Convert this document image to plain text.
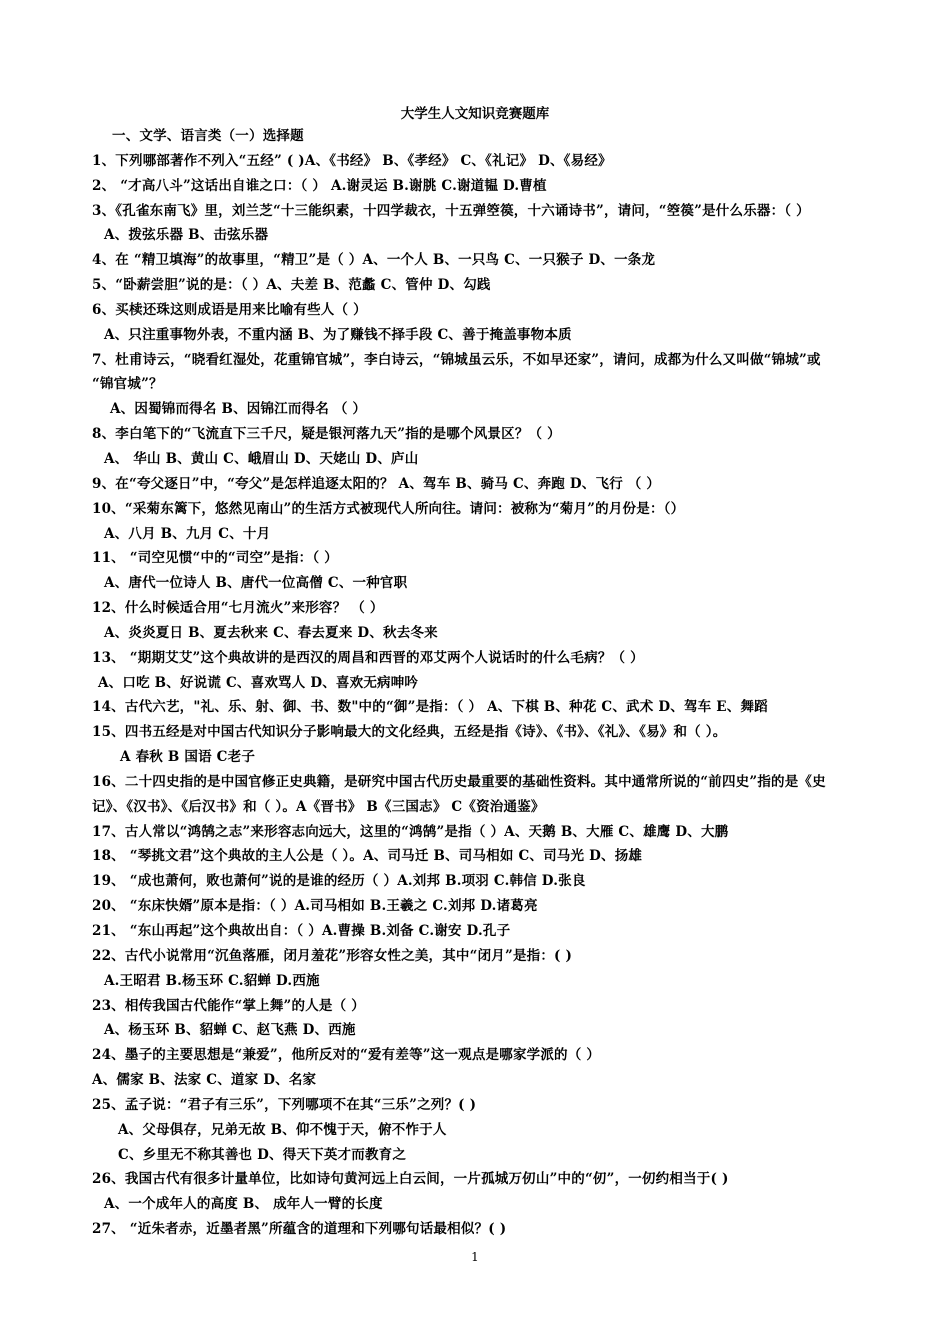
大学生人文知识竞赛题库
一、文学、语言类（一）选择题
1、下列哪部著作不列入“五经” ( )A、《书经》 B、《孝经》 C、《礼记》 D、《易经》
2、 “才高八斗”这话出自谁之口：（ ） A.谢灵运 B.谢朓 C.谢道韫 D.曹植
3、《孔雀东南飞》里，刘兰芝“十三能织素，十四学裁衣，十五弹箜篌，十六诵诗书”，请问，“箜篌”是什么乐器：（ ）
A、拨弦乐器 B、击弦乐器
4、在 “精卫填海”的故事里，“精卫”是（ ）A、一个人 B、一只鸟 C、一只猴子 D、一条龙
5、“卧薪尝胆”说的是：（ ）A、夫差 B、范蠡 C、管仲 D、勾践
6、买椟还珠这则成语是用来比喻有些人（ ）
A、只注重事物外表，不重内涵 B、为了赚钱不择手段 C、善于掩盖事物本质
7、杜甫诗云，“晓看红湿处，花重锦官城”，李白诗云，“锦城虽云乐，不如早还家”，请问，成都为什么又叫做“锦城”或
“锦官城”？
A、因蜀锦而得名 B、因锦江而得名 （ ）
8、李白笔下的“飞流直下三千尺，疑是银河落九天”指的是哪个风景区？（ ）
A、 华山 B、黄山 C、峨眉山 D、天姥山 D、庐山
9、在“夸父逐日”中，“夸父”是怎样追逐太阳的？ A、驾车 B、骑马 C、奔跑 D、飞行 （ ）
10、“采菊东篱下，悠然见南山”的生活方式被现代人所向往。请问：被称为“菊月”的月份是：（）
A、八月 B、九月 C、十月
11、 “司空见惯“中的“司空”是指：（ ）
A、唐代一位诗人 B、唐代一位高僧 C、一种官职
12、什么时候适合用“七月流火”来形容？ （ ）
A、炎炎夏日 B、夏去秋来 C、春去夏来 D、秋去冬来
13、 “期期艾艾”这个典故讲的是西汉的周昌和西晋的邓艾两个人说话时的什么毛病？（ ）
A、口吃 B、好说谎 C、喜欢骂人 D、喜欢无病呻吟
14、古代六艺，"礼、乐、射、御、书、数"中的“御”是指：（ ） A、下棋 B、种花 C、武术 D、驾车 E、舞蹈
15、四书五经是对中国古代知识分子影响最大的文化经典，五经是指《诗》、《书》、《礼》、《易》和（ ）。
A 春秋 B 国语 C老子
16、二十四史指的是中国官修正史典籍，是研究中国古代历史最重要的基础性资料。其中通常所说的“前四史”指的是《史
记》、《汉书》、《后汉书》和（ ）。A《晋书》 B《三国志》 C《资治通鉴》
17、古人常以“鸿鹄之志”来形容志向远大，这里的“鸿鹄”是指（ ）A、天鹅 B、大雁 C、雄鹰 D、大鹏
18、 “琴挑文君”这个典故的主人公是（ ）。A、司马迁 B、司马相如 C、司马光 D、扬雄
19、 “成也萧何，败也萧何”说的是谁的经历（ ）A.刘邦 B.项羽 C.韩信 D.张良
20、 “东床快婿”原本是指：（ ）A.司马相如 B.王羲之 C.刘邦 D.诸葛亮
21、 “东山再起”这个典故出自：（ ）A.曹操 B.刘备 C.谢安 D.孔子
22、古代小说常用“沉鱼落雁，闭月羞花”形容女性之美，其中“闭月”是指：( )
A.王昭君 B.杨玉环 C.貂蝉 D.西施
23、相传我国古代能作“掌上舞”的人是（ ）
A、杨玉环 B、貂蝉 C、赵飞燕 D、西施
24、墨子的主要思想是“兼爱”，他所反对的“爱有差等”这一观点是哪家学派的（ ）
A、儒家 B、法家 C、道家 D、名家
25、孟子说：“君子有三乐”，下列哪项不在其“三乐”之列？( )
A、父母俱存，兄弟无故 B、仰不愧于天，俯不怍于人
C、乡里无不称其善也 D、得天下英才而教育之
26、我国古代有很多计量单位，比如诗句黄河远上白云间，一片孤城万仞山”中的“仞”，一仞约相当于( )
A、一个成年人的高度 B、 成年人一臂的长度
27、 “近朱者赤，近墨者黑”所蕴含的道理和下列哪句话最相似？( )
1
